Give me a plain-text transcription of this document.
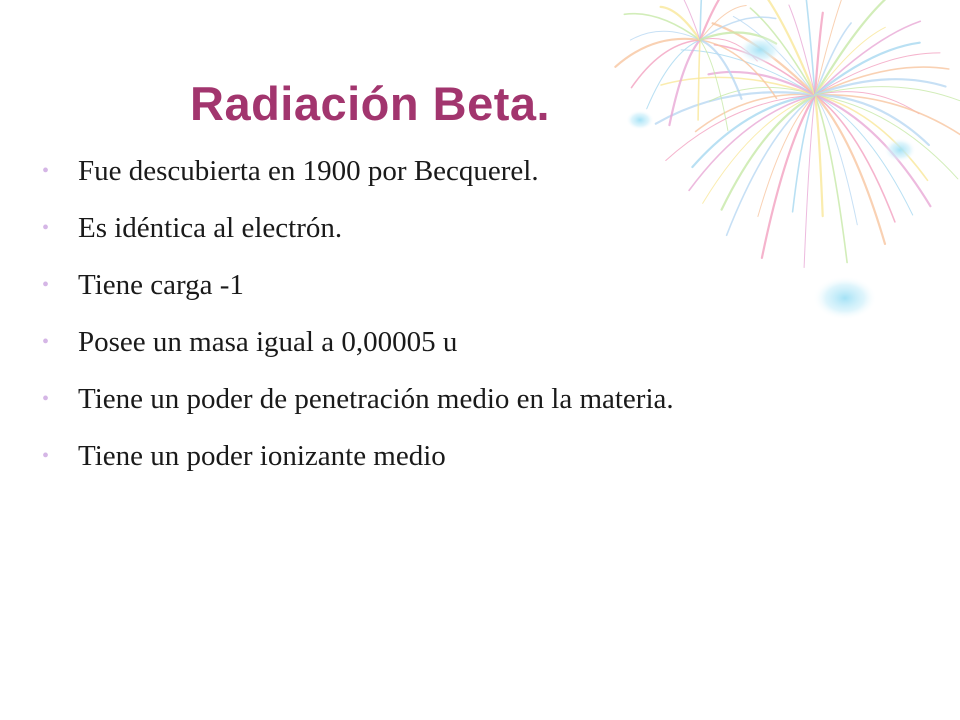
Radiación Beta.
• Fue descubierta en 1900 por Becquerel.
• Es idéntica al electrón.
• Tiene carga -1
• Posee un masa igual a 0,00005 u
• Tiene un poder de penetración medio en la materia.
• Tiene un poder ionizante medio
